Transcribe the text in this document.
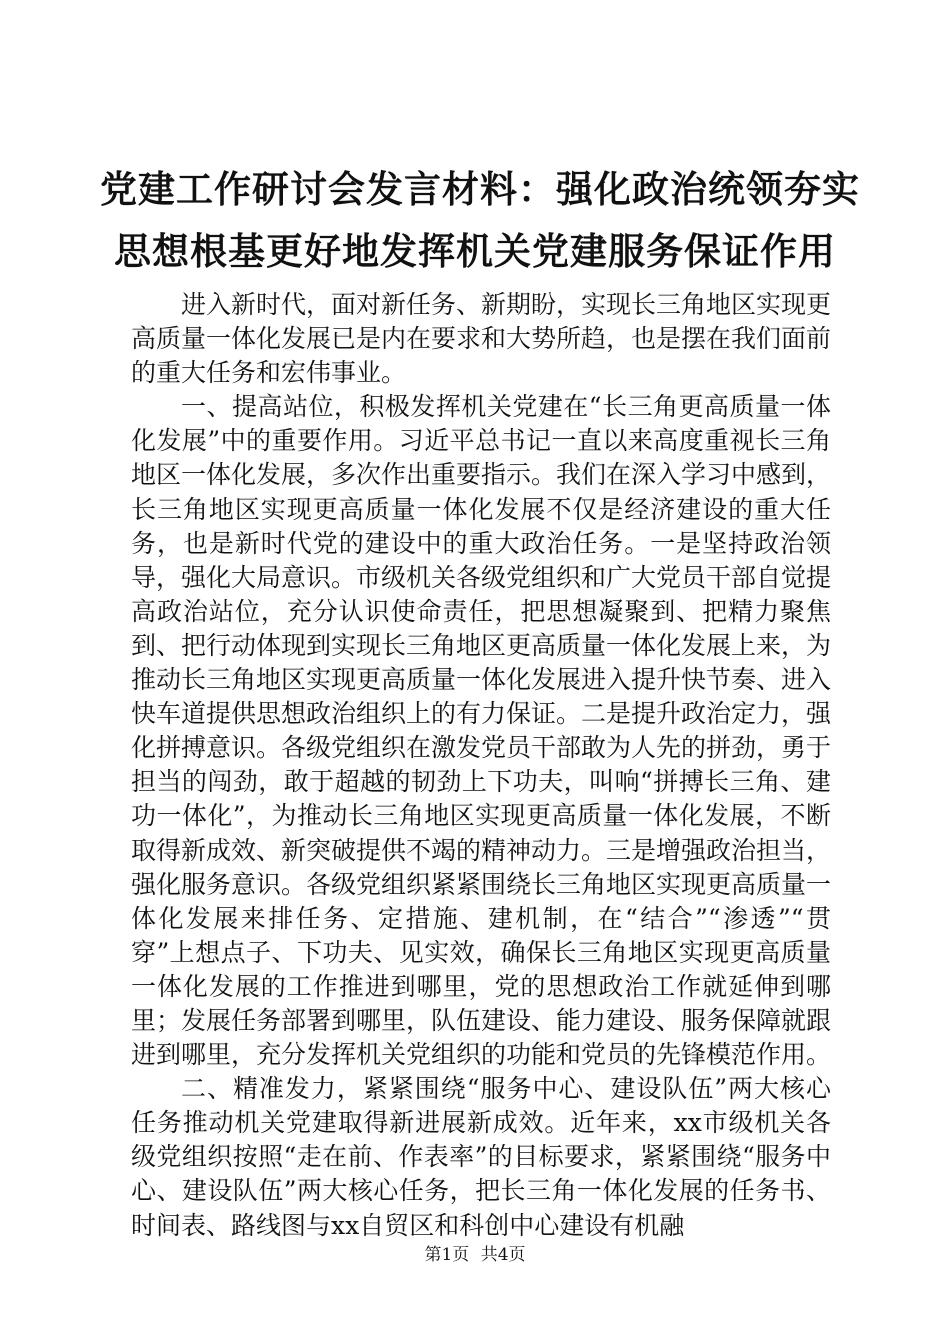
党建工作研讨会发言材料：强化政治统领夯实
思想根基更好地发挥机关党建服务保证作用

进入新时代，面对新任务、新期盼，实现长三角地区实现更高质量一体化发展已是内在要求和大势所趋，也是摆在我们面前的重大任务和宏伟事业。

一、提高站位，积极发挥机关党建在“长三角更高质量一体化发展”中的重要作用。习近平总书记一直以来高度重视长三角地区一体化发展，多次作出重要指示。我们在深入学习中感到，长三角地区实现更高质量一体化发展不仅是经济建设的重大任务，也是新时代党的建设中的重大政治任务。一是坚持政治领导，强化大局意识。市级机关各级党组织和广大党员干部自觉提高政治站位，充分认识使命责任，把思想凝聚到、把精力聚焦到、把行动体现到实现长三角地区更高质量一体化发展上来，为推动长三角地区实现更高质量一体化发展进入提升快节奏、进入快车道提供思想政治组织上的有力保证。二是提升政治定力，强化拼搏意识。各级党组织在激发党员干部敢为人先的拼劲，勇于担当的闯劲，敢于超越的韧劲上下功夫，叫响“拼搏长三角、建功一体化”，为推动长三角地区实现更高质量一体化发展，不断取得新成效、新突破提供不竭的精神动力。三是增强政治担当，强化服务意识。各级党组织紧紧围绕长三角地区实现更高质量一体化发展来排任务、定措施、建机制，在“结合”“渗透”“贯穿”上想点子、下功夫、见实效，确保长三角地区实现更高质量一体化发展的工作推进到哪里，党的思想政治工作就延伸到哪里；发展任务部署到哪里，队伍建设、能力建设、服务保障就跟进到哪里，充分发挥机关党组织的功能和党员的先锋模范作用。

二、精准发力，紧紧围绕“服务中心、建设队伍”两大核心任务推动机关党建取得新进展新成效。近年来，xx市级机关各级党组织按照“走在前、作表率”的目标要求，紧紧围绕“服务中心、建设队伍”两大核心任务，把长三角一体化发展的任务书、时间表、路线图与xx自贸区和科创中心建设有机融

第1页 共4页
